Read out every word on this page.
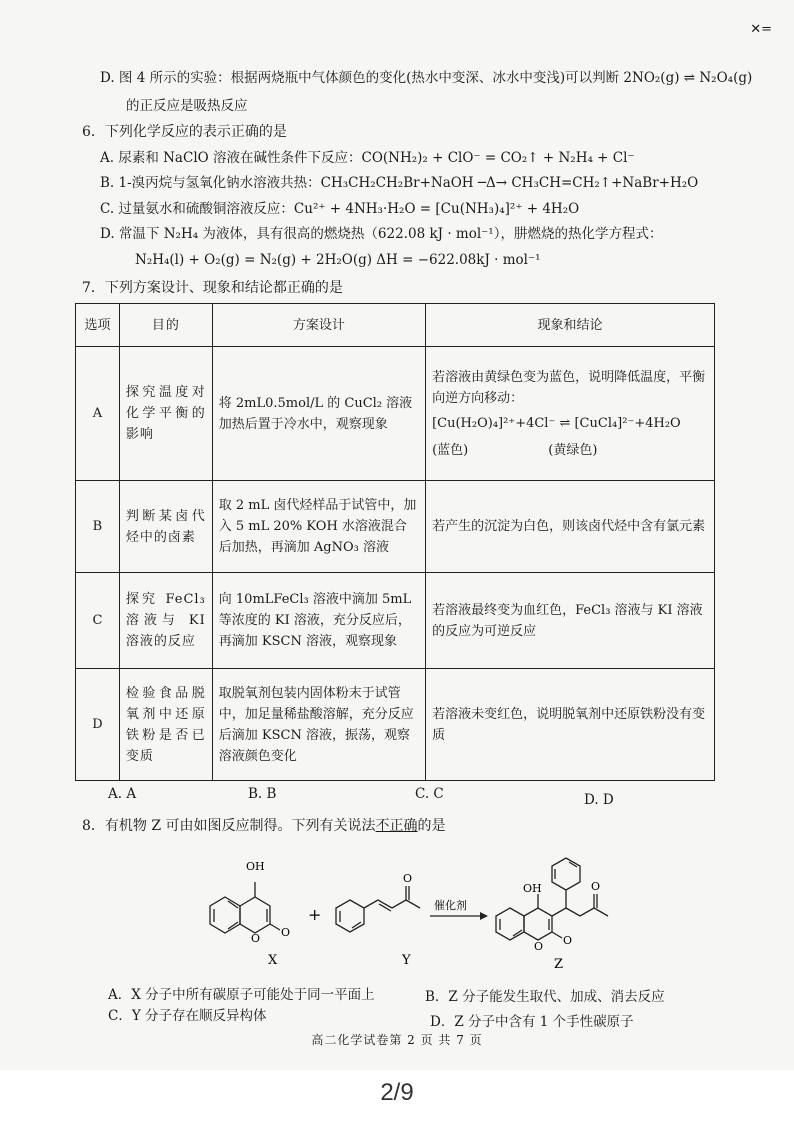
✕=
D. 图 4 所示的实验：根据两烧瓶中气体颜色的变化(热水中变深、冰水中变浅)可以判断 2NO₂(g) ⇌ N₂O₄(g)
的正反应是吸热反应
6．下列化学反应的表示正确的是
A. 尿素和 NaClO 溶液在碱性条件下反应：CO(NH₂)₂ + ClO⁻ = CO₂↑ + N₂H₄ + Cl⁻
B. 1-溴丙烷与氢氧化钠水溶液共热：CH₃CH₂CH₂Br+NaOH ─Δ→ CH₃CH=CH₂↑+NaBr+H₂O
C. 过量氨水和硫酸铜溶液反应：Cu²⁺ + 4NH₃·H₂O = [Cu(NH₃)₄]²⁺ + 4H₂O
D. 常温下 N₂H₄ 为液体，具有很高的燃烧热（622.08 kJ · mol⁻¹），肼燃烧的热化学方程式：
N₂H₄(l) + O₂(g) = N₂(g) + 2H₂O(g) ΔH = −622.08kJ · mol⁻¹
7．下列方案设计、现象和结论都正确的是
选项	目的	方案设计	现象和结论
A	探究温度对化学平衡的影响	将 2mL0.5mol/L 的 CuCl₂ 溶液加热后置于冷水中，观察现象	若溶液由黄绿色变为蓝色，说明降低温度，平衡向逆方向移动：
[Cu(H₂O)₄]²⁺+4Cl⁻ ⇌ [CuCl₄]²⁻+4H₂O
(蓝色) (黄绿色)

B	判断某卤代烃中的卤素	取 2 mL 卤代烃样品于试管中，加入 5 mL 20% KOH 水溶液混合后加热，再滴加 AgNO₃ 溶液	若产生的沉淀为白色，则该卤代烃中含有氯元素
C	探究 FeCl₃ 溶液与 KI 溶液的反应	向 10mLFeCl₃ 溶液中滴加 5mL 等浓度的 KI 溶液，充分反应后，再滴加 KSCN 溶液，观察现象	若溶液最终变为血红色，FeCl₃ 溶液与 KI 溶液的反应为可逆反应
D	检验食品脱氧剂中还原铁粉是否已变质	取脱氧剂包装内固体粉末于试管中，加足量稀盐酸溶解，充分反应后滴加 KSCN 溶液，振荡，观察溶液颜色变化	若溶液未变红色，说明脱氧剂中还原铁粉没有变质
A. A	B. B	C. C	D. D
8．有机物 Z 可由如图反应制得。下列有关说法不正确的是
OH
O O
+
O
催化剂
OH
O O
O
X	Y	Z
A．X 分子中所有碳原子可能处于同一平面上	B．Z 分子能发生取代、加成、消去反应
C．Y 分子存在顺反异构体	D．Z 分子中含有 1 个手性碳原子
高二化学试卷第 2 页 共 7 页
2/9
